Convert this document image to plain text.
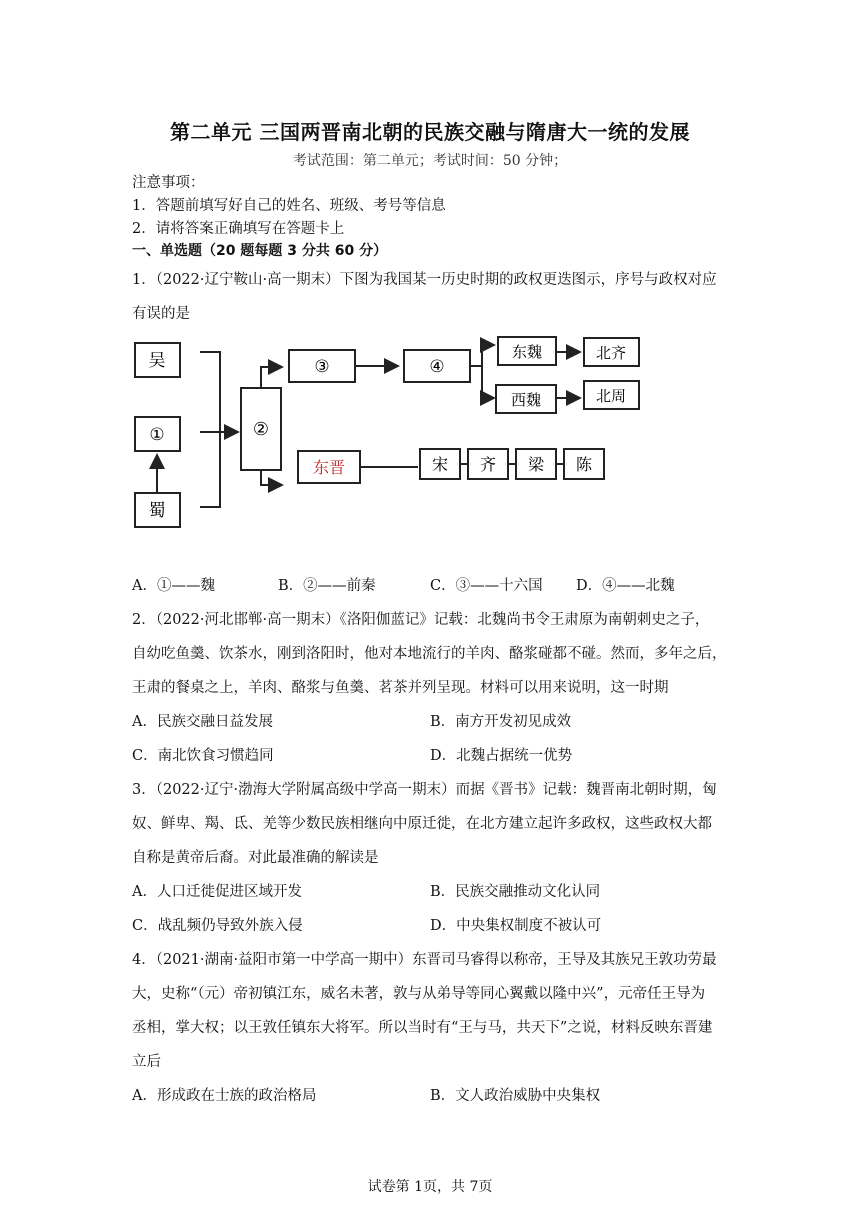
第二单元 三国两晋南北朝的民族交融与隋唐大一统的发展
考试范围：第二单元；考试时间：50 分钟；
注意事项：
1．答题前填写好自己的姓名、班级、考号等信息
2．请将答案正确填写在答题卡上
一、单选题（20 题每题 3 分共 60 分）
1．（2022·辽宁鞍山·高一期末）下图为我国某一历史时期的政权更迭图示，序号与政权对应
有误的是
吴
①
蜀
②
③	④
东魏
西魏
北齐
北周
东晋	宋 齐 梁 陈
A．①——魏	B．②——前秦	C．③——十六国 D．④——北魏
2．（2022·河北邯郸·高一期末）《洛阳伽蓝记》记载：北魏尚书令王肃原为南朝刺史之子，
自幼吃鱼羹、饮茶水，刚到洛阳时，他对本地流行的羊肉、酪浆碰都不碰。然而，多年之后，
王肃的餐桌之上，羊肉、酪浆与鱼羹、茗茶并列呈现。材料可以用来说明，这一时期
A．民族交融日益发展	B．南方开发初见成效
C．南北饮食习惯趋同	D．北魏占据统一优势
3．（2022·辽宁·渤海大学附属高级中学高一期末）而据《晋书》记载：魏晋南北朝时期，匈
奴、鲜卑、羯、氐、羌等少数民族相继向中原迁徙，在北方建立起许多政权，这些政权大都
自称是黄帝后裔。对此最准确的解读是
A．人口迁徙促进区域开发	B．民族交融推动文化认同
C．战乱频仍导致外族入侵	D．中央集权制度不被认可
4．（2021·湖南·益阳市第一中学高一期中）东晋司马睿得以称帝，王导及其族兄王敦功劳最
大，史称“（元）帝初镇江东，威名未著，敦与从弟导等同心翼戴以隆中兴”，元帝任王导为
丞相，掌大权；以王敦任镇东大将军。所以当时有“王与马，共天下”之说，材料反映东晋建
立后
A．形成政在士族的政治格局	B．文人政治威胁中央集权
试卷第 1页，共 7页
